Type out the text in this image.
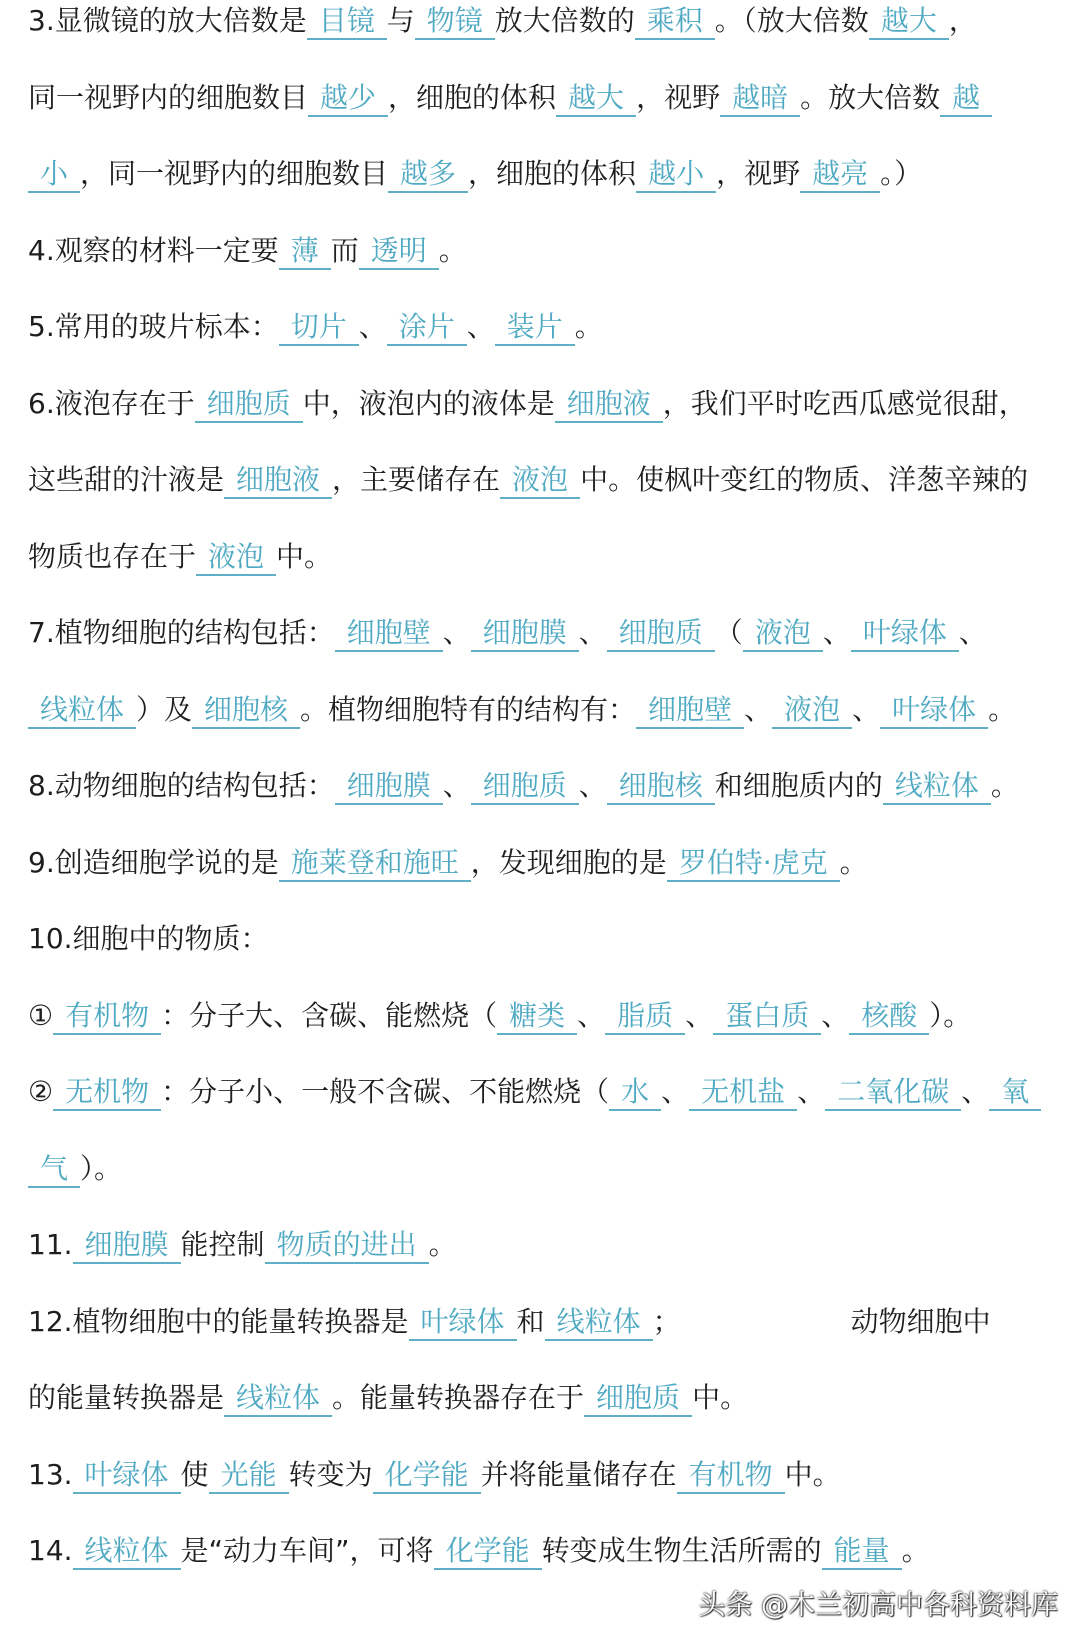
3.显微镜的放大倍数是 目镜 与 物镜 放大倍数的 乘积 。（放大倍数 越大 ，
同一视野内的细胞数目 越少 ，细胞的体积 越大 ，视野 越暗 。放大倍数 越
小 ，同一视野内的细胞数目 越多 ，细胞的体积 越小 ，视野 越亮 。）
4.观察的材料一定要 薄 而 透明 。
5.常用的玻片标本： 切片 、 涂片 、 装片 。
6.液泡存在于 细胞质 中，液泡内的液体是 细胞液 ，我们平时吃西瓜感觉很甜，
这些甜的汁液是 细胞液 ，主要储存在 液泡 中。使枫叶变红的物质、洋葱辛辣的
物质也存在于 液泡 中。
7.植物细胞的结构包括： 细胞壁 、 细胞膜 、 细胞质 （ 液泡 、 叶绿体 、
线粒体 ）及 细胞核 。植物细胞特有的结构有： 细胞壁 、 液泡 、 叶绿体 。
8.动物细胞的结构包括： 细胞膜 、 细胞质 、 细胞核 和细胞质内的 线粒体 。
9.创造细胞学说的是 施莱登和施旺 ，发现细胞的是 罗伯特·虎克 。
10.细胞中的物质：
① 有机物 ：分子大、含碳、能燃烧（ 糖类 、 脂质 、 蛋白质 、 核酸 ）。
② 无机物 ：分子小、一般不含碳、不能燃烧（ 水 、 无机盐 、 二氧化碳 、 氧
气 ）。
11. 细胞膜 能控制 物质的进出 。
12.植物细胞中的能量转换器是 叶绿体 和 线粒体 ；	动物细胞中
的能量转换器是 线粒体 。能量转换器存在于 细胞质 中。
13. 叶绿体 使 光能 转变为 化学能 并将能量储存在 有机物 中。
14. 线粒体 是“动力车间”，可将 化学能 转变成生物生活所需的 能量 。
头条 @木兰初高中各科资料库
